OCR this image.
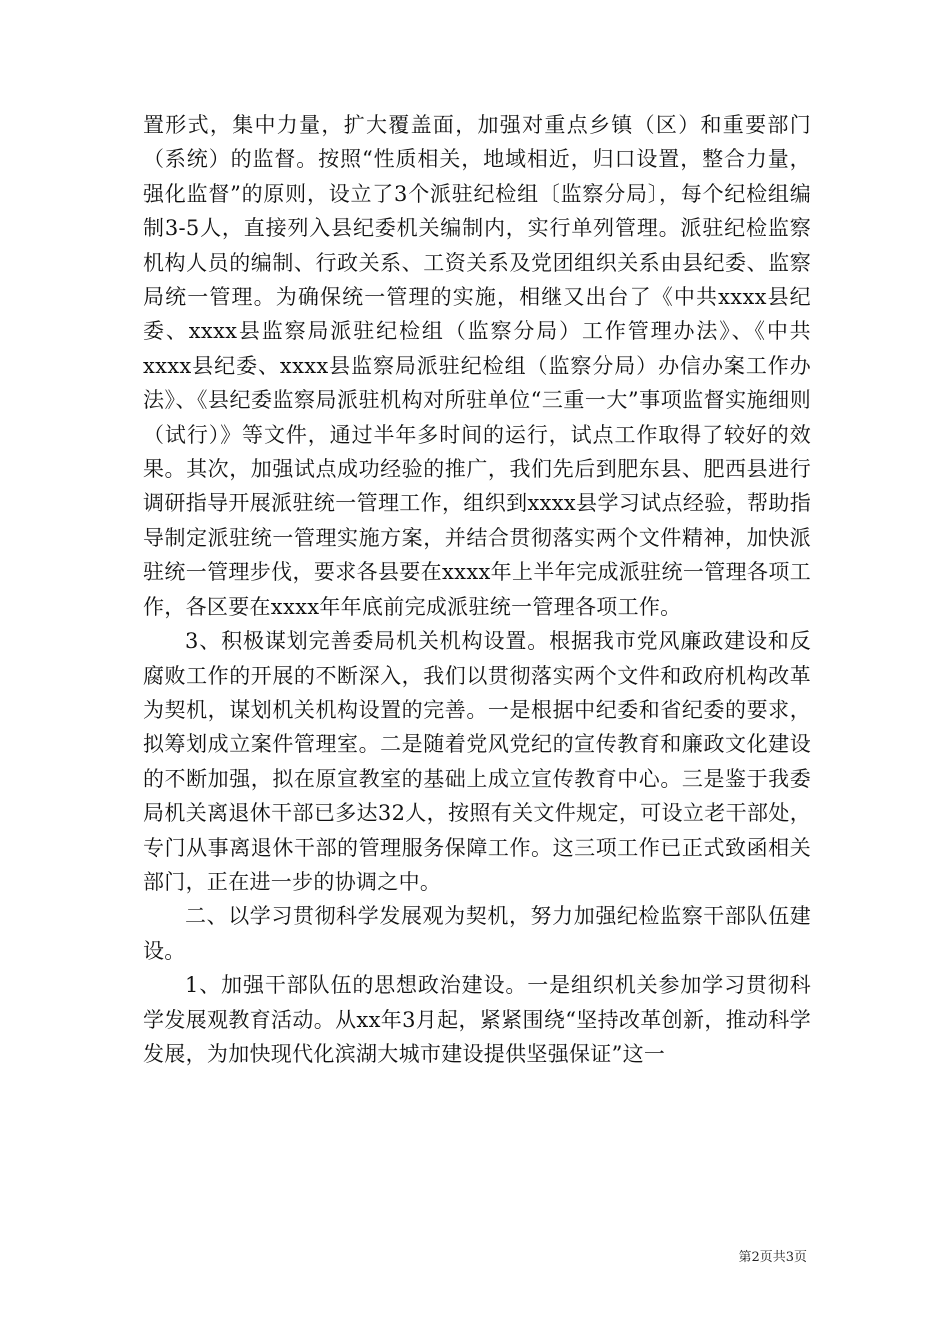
置形式，集中力量，扩大覆盖面，加强对重点乡镇（区）和重要部门（系统）的监督。按照“性质相关，地域相近，归口设置，整合力量，强化监督”的原则，设立了3个派驻纪检组〔监察分局〕，每个纪检组编制3-5人，直接列入县纪委机关编制内，实行单列管理。派驻纪检监察机构人员的编制、行政关系、工资关系及党团组织关系由县纪委、监察局统一管理。为确保统一管理的实施，相继又出台了《中共xxxx县纪委、xxxx县监察局派驻纪检组（监察分局）工作管理办法》、《中共xxxx县纪委、xxxx县监察局派驻纪检组（监察分局）办信办案工作办法》、《县纪委监察局派驻机构对所驻单位“三重一大”事项监督实施细则（试行）》等文件，通过半年多时间的运行，试点工作取得了较好的效果。其次，加强试点成功经验的推广，我们先后到肥东县、肥西县进行调研指导开展派驻统一管理工作，组织到xxxx县学习试点经验，帮助指导制定派驻统一管理实施方案，并结合贯彻落实两个文件精神，加快派驻统一管理步伐，要求各县要在xxxx年上半年完成派驻统一管理各项工作，各区要在xxxx年年底前完成派驻统一管理各项工作。

3、积极谋划完善委局机关机构设置。根据我市党风廉政建设和反腐败工作的开展的不断深入，我们以贯彻落实两个文件和政府机构改革为契机，谋划机关机构设置的完善。一是根据中纪委和省纪委的要求，拟筹划成立案件管理室。二是随着党风党纪的宣传教育和廉政文化建设的不断加强，拟在原宣教室的基础上成立宣传教育中心。三是鉴于我委局机关离退休干部已多达32人，按照有关文件规定，可设立老干部处，专门从事离退休干部的管理服务保障工作。这三项工作已正式致函相关部门，正在进一步的协调之中。

二、以学习贯彻科学发展观为契机，努力加强纪检监察干部队伍建设。

1、加强干部队伍的思想政治建设。一是组织机关参加学习贯彻科学发展观教育活动。从xx年3月起，紧紧围绕“坚持改革创新，推动科学发展，为加快现代化滨湖大城市建设提供坚强保证”这一

第2页共3页
